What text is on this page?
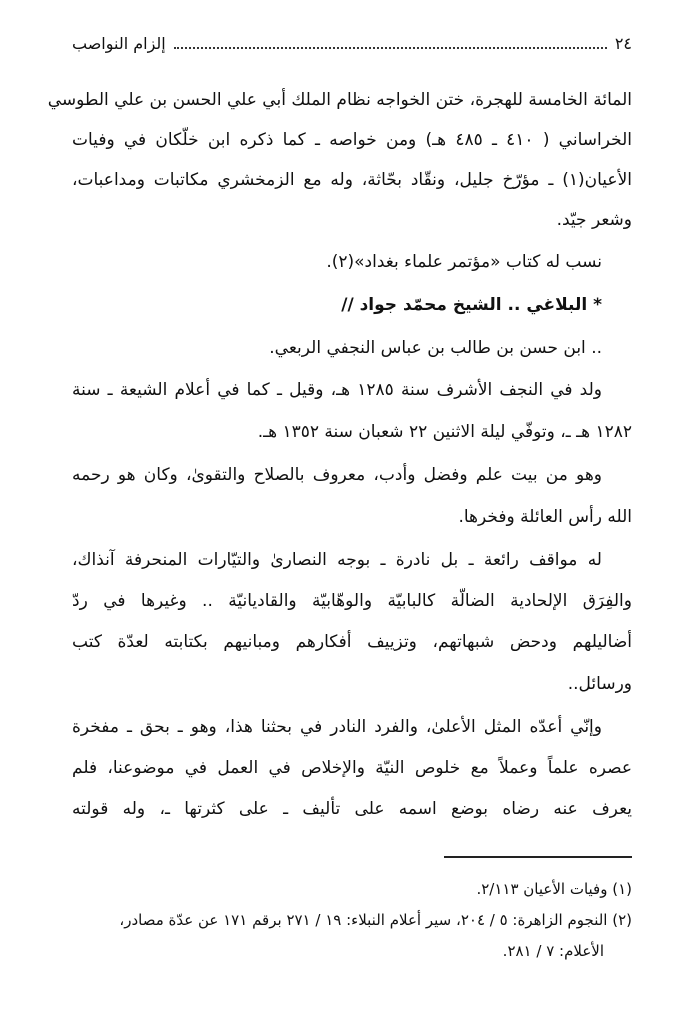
٢٤
إلزام النواصب
المائة الخامسة للهجرة، ختن الخواجه نظام الملك أبي علي الحسن بن علي الطوسي
الخراساني ( ٤١٠ ـ ٤٨٥ هـ) ومن خواصه ـ كما ذكره ابن خلّكان في وفيات
الأعيان(١) ـ مؤرّخ جليل، ونقّاد بحّاثة، وله مع الزمخشري مكاتبات ومداعبات،
وشعر جيّد.
نسب له كتاب «مؤتمر علماء بغداد»(٢).
* البلاغي .. الشيخ محمّد جواد //
.. ابن حسن بن طالب بن عباس النجفي الربعي.
ولد في النجف الأشرف سنة ١٢٨٥ هـ، وقيل ـ كما في أعلام الشيعة ـ سنة
١٢٨٢ هـ ـ، وتوفّي ليلة الاثنين ٢٢ شعبان سنة ١٣٥٢ هـ.
وهو من بيت علم وفضل وأدب، معروف بالصلاح والتقوىٰ، وكان هو رحمه
الله رأس العائلة وفخرها.
له مواقف رائعة ـ بل نادرة ـ بوجه النصارىٰ والتيّارات المنحرفة آنذاك،
والفِرَق الإلحادية الضالّة كالبابيّة والوهّابيّة والقاديانيّة .. وغيرها في ردّ
أضاليلهم ودحض شبهاتهم، وتزييف أفكارهم ومبانيهم بكتابته لعدّة كتب
ورسائل..
وإنّي أعدّه المثل الأعلىٰ، والفرد النادر في بحثنا هذا، وهو ـ بحق ـ مفخرة
عصره علماً وعملاً مع خلوص النيّة والإخلاص في العمل في موضوعنا، فلم
يعرف عنه رضاه بوضع اسمه على تأليف ـ على كثرتها ـ، وله قولته
(١) وفيات الأعيان ٢/١١٣.
(٢) النجوم الزاهرة: ٥ / ٢٠٤، سير أعلام النبلاء: ١٩ / ٢٧١ برقم ١٧١ عن عدّة مصادر،
الأعلام: ٧ / ٢٨١.
